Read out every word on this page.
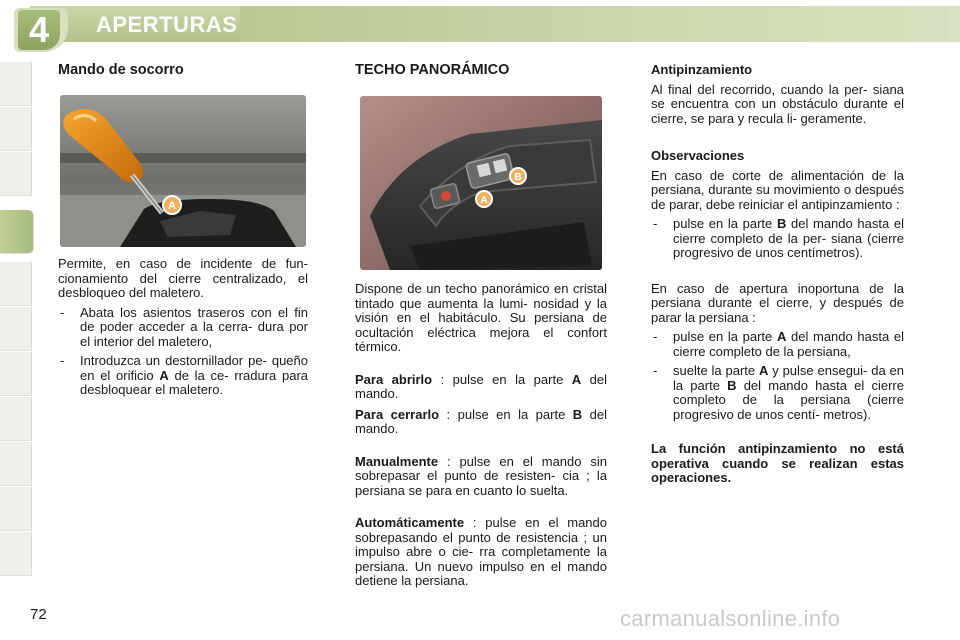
4	APERTURAS
Mando de socorro
A
Permite, en caso de incidente de fun- cionamiento del cierre centralizado, el desbloqueo del maletero.
- Abata los asientos traseros con el fin de poder acceder a la cerra- dura por el interior del maletero,
- Introduzca un destornillador pe- queño en el orificio A de la ce- rradura para desbloquear el maletero.
TECHO PANORÁMICO
A
B
Dispone de un techo panorámico en cristal tintado que aumenta la lumi- nosidad y la visión en el habitáculo. Su persiana de ocultación eléctrica mejora el confort térmico.
Para abrirlo : pulse en la parte A del mando.
Para cerrarlo : pulse en la parte B del mando.
Manualmente : pulse en el mando sin sobrepasar el punto de resisten- cia ; la persiana se para en cuanto lo suelta.
Automáticamente : pulse en el mando sobrepasando el punto de resistencia ; un impulso abre o cie- rra completamente la persiana. Un nuevo impulso en el mando detiene la persiana.
Antipinzamiento
Al final del recorrido, cuando la per- siana se encuentra con un obstáculo durante el cierre, se para y recula li- geramente.
Observaciones
En caso de corte de alimentación de la persiana, durante su movimiento o después de parar, debe reiniciar el antipinzamiento :
- pulse en la parte B del mando hasta el cierre completo de la per- siana (cierre progresivo de unos centímetros).
En caso de apertura inoportuna de la persiana durante el cierre, y después de parar la persiana :
- pulse en la parte A del mando hasta el cierre completo de la persiana,
- suelte la parte A y pulse ensegui- da en la parte B del mando hasta el cierre completo de la persiana (cierre progresivo de unos centí- metros).
La función antipinzamiento no está operativa cuando se realizan estas operaciones.
72	carmanualsonline.info
